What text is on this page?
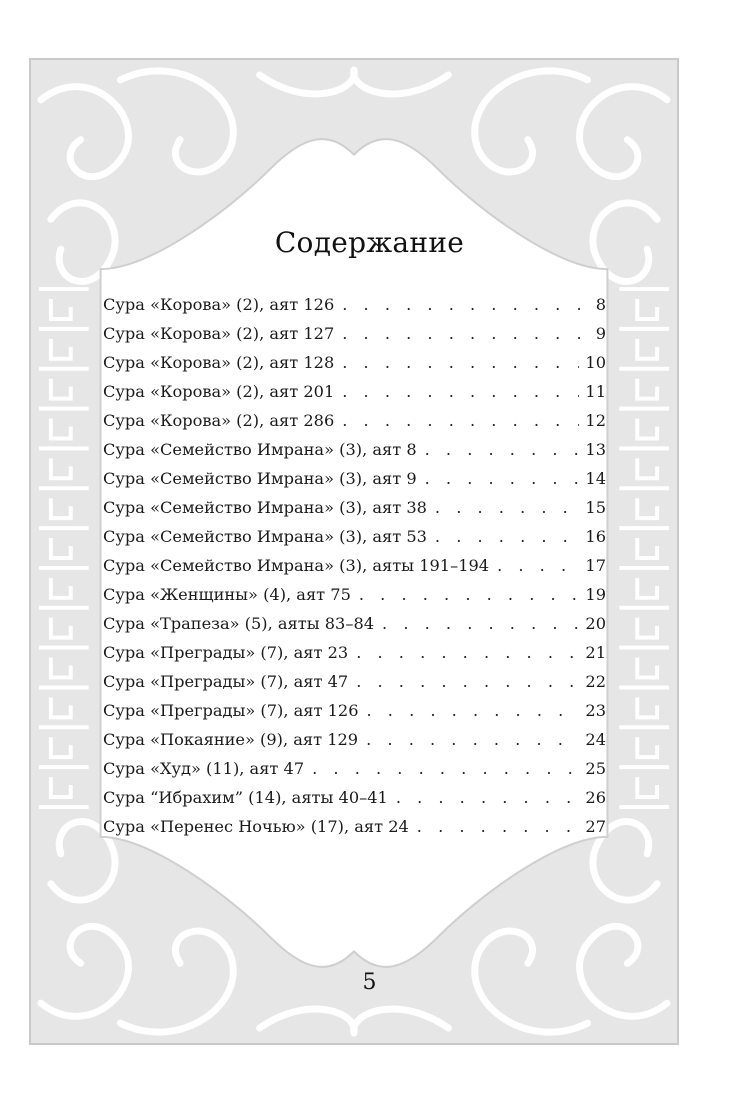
Содержание
Сура «Корова» (2), аят 126 . . .	8
Сура «Корова» (2), аят 127 . . .	9
Сура «Корова» (2), аят 128 . . .	10
Сура «Корова» (2), аят 201 . . .	11
Сура «Корова» (2), аят 286 . . .	12
Сура «Семейство Имрана» (3), аят 8 . . .	13
Сура «Семейство Имрана» (3), аят 9 . . .	14
Сура «Семейство Имрана» (3), аят 38 . . .	15
Сура «Семейство Имрана» (3), аят 53 . . .	16
Сура «Семейство Имрана» (3), аяты 191–194 . . .	17
Сура «Женщины» (4), аят 75 . . .	19
Сура «Трапеза» (5), аяты 83–84 . . .	20
Сура «Преграды» (7), аят 23 . . .	21
Сура «Преграды» (7), аят 47 . . .	22
Сура «Преграды» (7), аят 126 . . .	23
Сура «Покаяние» (9), аят 129 . . .	24
Сура «Худ» (11), аят 47 . . .	25
Сура “Ибрахим” (14), аяты 40–41 . . .	26
Сура «Перенес Ночью» (17), аят 24 . . .	27
5
